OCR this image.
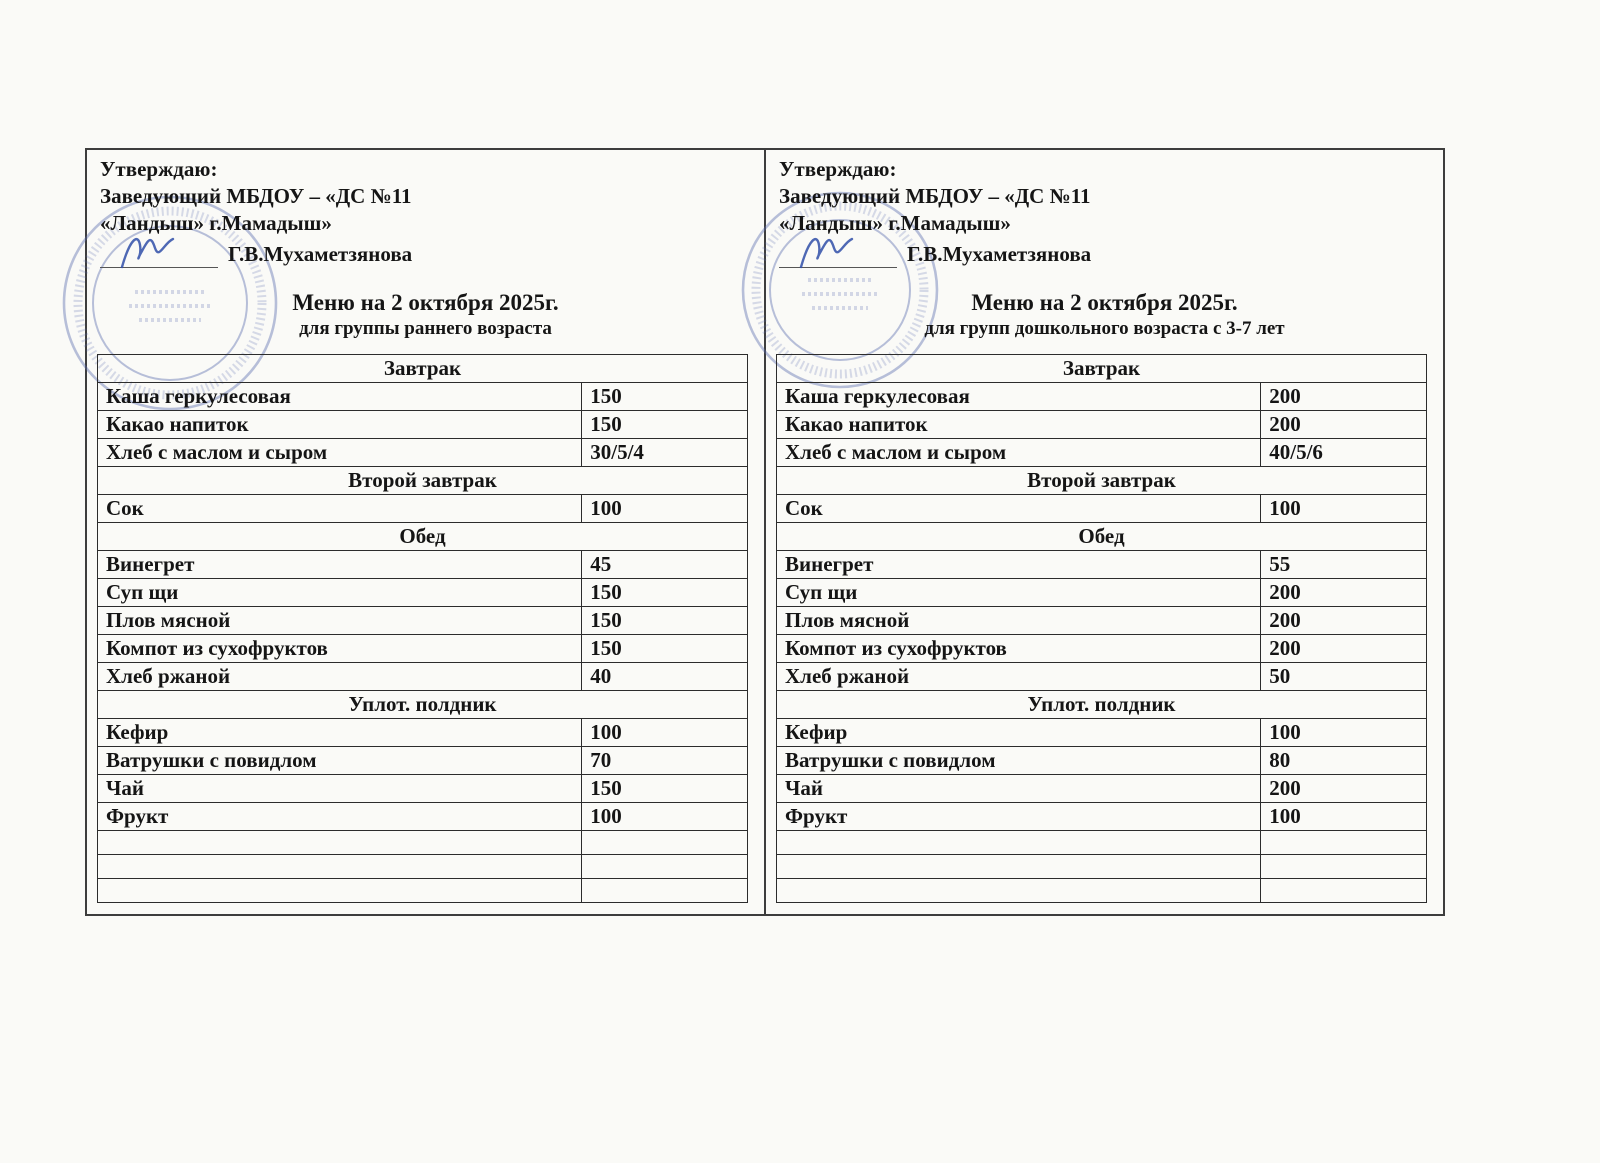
Утверждаю:
Заведующий МБДОУ – «ДС №11
«Ландыш» г.Мамадыш»
Г.В.Мухаметзянова
Меню на 2 октября 2025г.
для группы раннего возраста
Завтрак	
Каша геркулесовая	150
Какао напиток	150
Хлеб с маслом и сыром	30/5/4
Второй завтрак	
Сок	100
Обед	
Винегрет	45
Суп щи	150
Плов мясной	150
Компот из сухофруктов	150
Хлеб ржаной	40
Уплот. полдник	
Кефир	100
Ватрушки с повидлом	70
Чай	150
Фрукт	100

Утверждаю:
Заведующий МБДОУ – «ДС №11
«Ландыш» г.Мамадыш»
Г.В.Мухаметзянова
Меню на 2 октября 2025г.
для групп дошкольного возраста с 3-7 лет
Завтрак	
Каша геркулесовая	200
Какао напиток	200
Хлеб с маслом и сыром	40/5/6
Второй завтрак	
Сок	100
Обед	
Винегрет	55
Суп щи	200
Плов мясной	200
Компот из сухофруктов	200
Хлеб ржаной	50
Уплот. полдник	
Кефир	100
Ватрушки с повидлом	80
Чай	200
Фрукт	100
